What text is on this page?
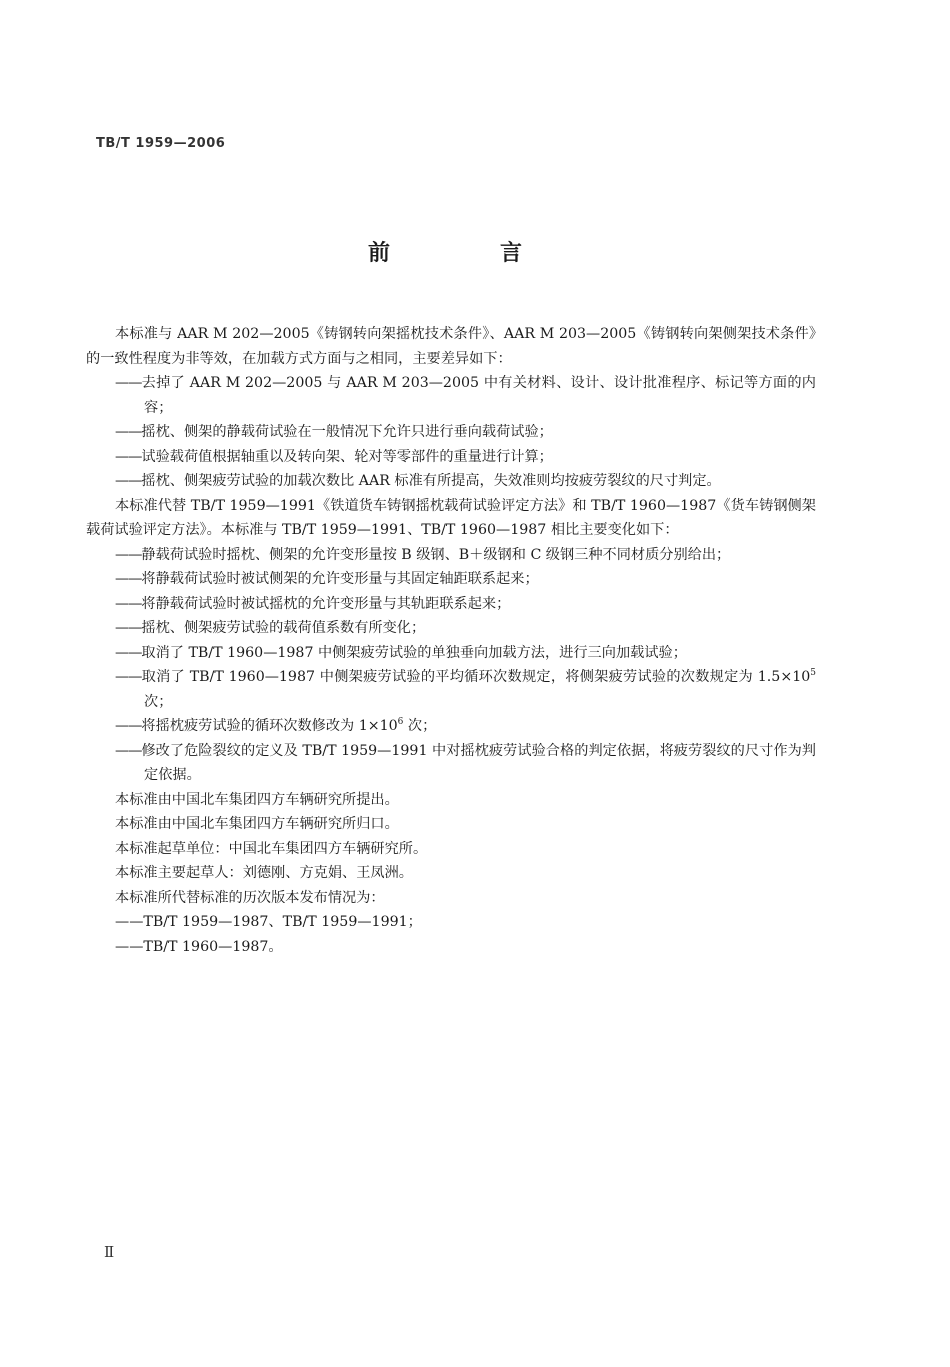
TB/T 1959—2006
前　言

本标准与 AAR M 202—2005《铸钢转向架摇枕技术条件》、AAR M 203—2005《铸钢转向架侧架技术条件》的一致性程度为非等效，在加载方式方面与之相同，主要差异如下：

——去掉了 AAR M 202—2005 与 AAR M 203—2005 中有关材料、设计、设计批准程序、标记等方面的内容；

——摇枕、侧架的静载荷试验在一般情况下允许只进行垂向载荷试验；

——试验载荷值根据轴重以及转向架、轮对等零部件的重量进行计算；

——摇枕、侧架疲劳试验的加载次数比 AAR 标准有所提高，失效准则均按疲劳裂纹的尺寸判定。

本标准代替 TB/T 1959—1991《铁道货车铸钢摇枕载荷试验评定方法》和 TB/T 1960—1987《货车铸钢侧架载荷试验评定方法》。本标准与 TB/T 1959—1991、TB/T 1960—1987 相比主要变化如下：

——静载荷试验时摇枕、侧架的允许变形量按 B 级钢、B＋级钢和 C 级钢三种不同材质分别给出；

——将静载荷试验时被试侧架的允许变形量与其固定轴距联系起来；

——将静载荷试验时被试摇枕的允许变形量与其轨距联系起来；

——摇枕、侧架疲劳试验的载荷值系数有所变化；

——取消了 TB/T 1960—1987 中侧架疲劳试验的单独垂向加载方法，进行三向加载试验；

——取消了 TB/T 1960—1987 中侧架疲劳试验的平均循环次数规定，将侧架疲劳试验的次数规定为 $1.5\times 10^5$ 次；

——将摇枕疲劳试验的循环次数修改为 $1\times 10^6$ 次；

——修改了危险裂纹的定义及 TB/T 1959—1991 中对摇枕疲劳试验合格的判定依据，将疲劳裂纹的尺寸作为判定依据。

本标准由中国北车集团四方车辆研究所提出。

本标准由中国北车集团四方车辆研究所归口。

本标准起草单位：中国北车集团四方车辆研究所。

本标准主要起草人：刘德刚、方克娟、王凤洲。

本标准所代替标准的历次版本发布情况为：

——TB/T 1959—1987、TB/T 1959—1991；

——TB/T 1960—1987。

Ⅱ
